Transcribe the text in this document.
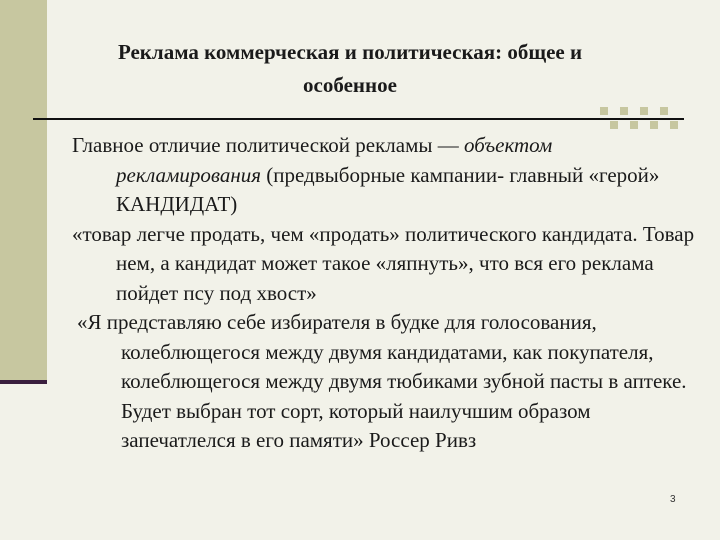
Реклама коммерческая и политическая: общее и особенное

Главное отличие политической рекламы — объектом рекламирования (предвыборные кампании- главный «герой» КАНДИДАТ)

«товар легче продать, чем «продать» политического кандидата. Товар нем, а кандидат может такое «ляпнуть», что вся его реклама пойдет псу под хвост»

«Я представляю себе избирателя в будке для голосования, колеблющегося между двумя кандидатами, как покупателя, колеблющегося между двумя тюбиками зубной пасты в аптеке. Будет выбран тот сорт, который наилучшим образом запечатлелся в его памяти» Россер Ривз

3
